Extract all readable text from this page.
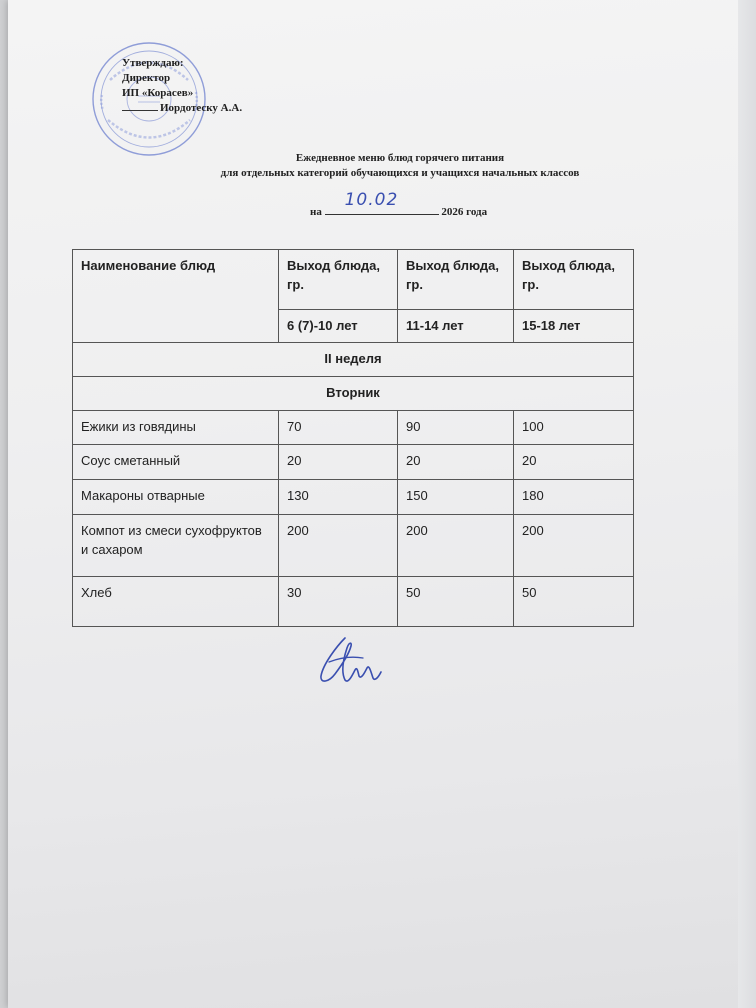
Утверждаю:
Директор
ИП «Корасев»
Иордотеску А.А.
Ежедневное меню блюд горячего питания
для отдельных категорий обучающихся и учащихся начальных классов
на
10.02
2026 года
Наименование блюд	Выход блюда, гр.	Выход блюда, гр.	Выход блюда, гр.
	6 (7)-10 лет	11-14 лет	15-18 лет
II неделя			
Вторник			
Ежики из говядины	70	90	100
Соус сметанный	20	20	20
Макароны отварные	130	150	180
Компот из смеси сухофруктов и сахаром	200	200	200
Хлеб	30	50	50
